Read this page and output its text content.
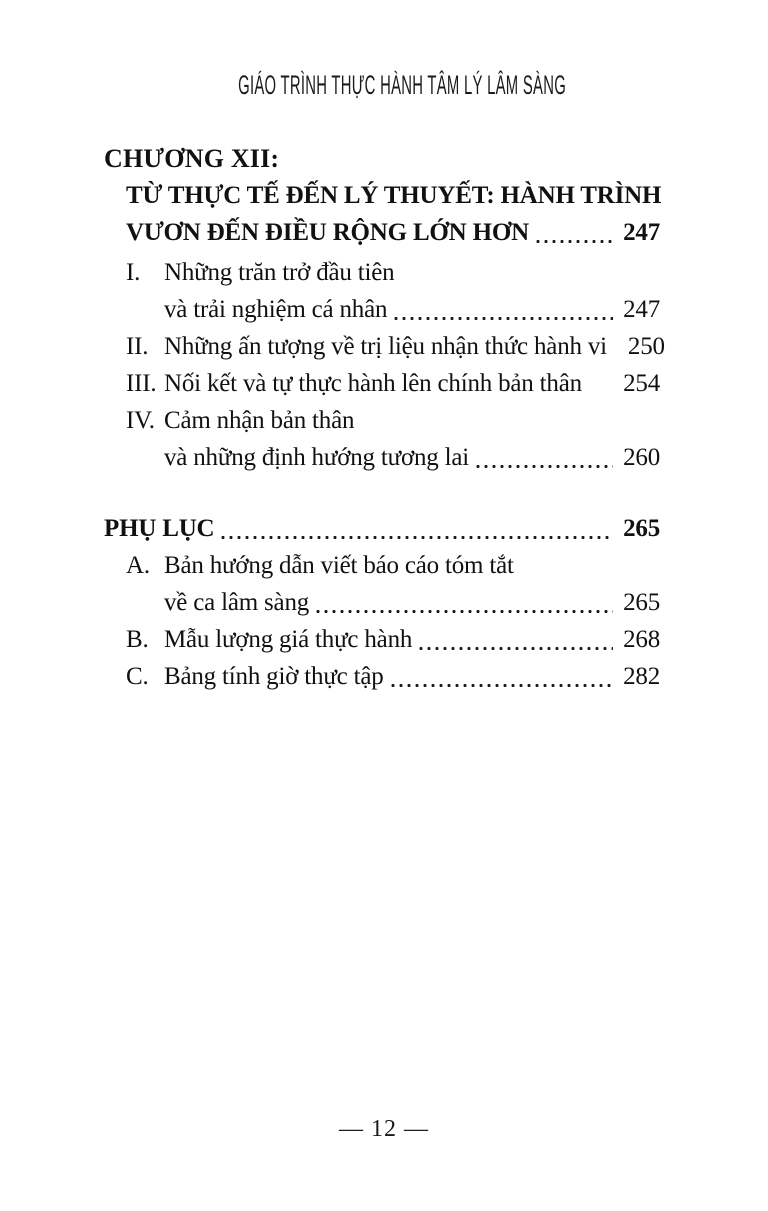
GIÁO TRÌNH THỰC HÀNH TÂM LÝ LÂM SÀNG
CHƯƠNG XII:
TỪ THỰC TẾ ĐẾN LÝ THUYẾT: HÀNH TRÌNH
VƯƠN ĐẾN ĐIỀU RỘNG LỚN HƠN	247
I. Những trăn trở đầu tiên
và trải nghiệm cá nhân	247
II. Những ấn tượng về trị liệu nhận thức hành vi 250
III. Nối kết và tự thực hành lên chính bản thân 254
IV. Cảm nhận bản thân
và những định hướng tương lai	260
PHỤ LỤC	265
A. Bản hướng dẫn viết báo cáo tóm tắt
về ca lâm sàng	265
B. Mẫu lượng giá thực hành	268
C. Bảng tính giờ thực tập	282
— 12 —
